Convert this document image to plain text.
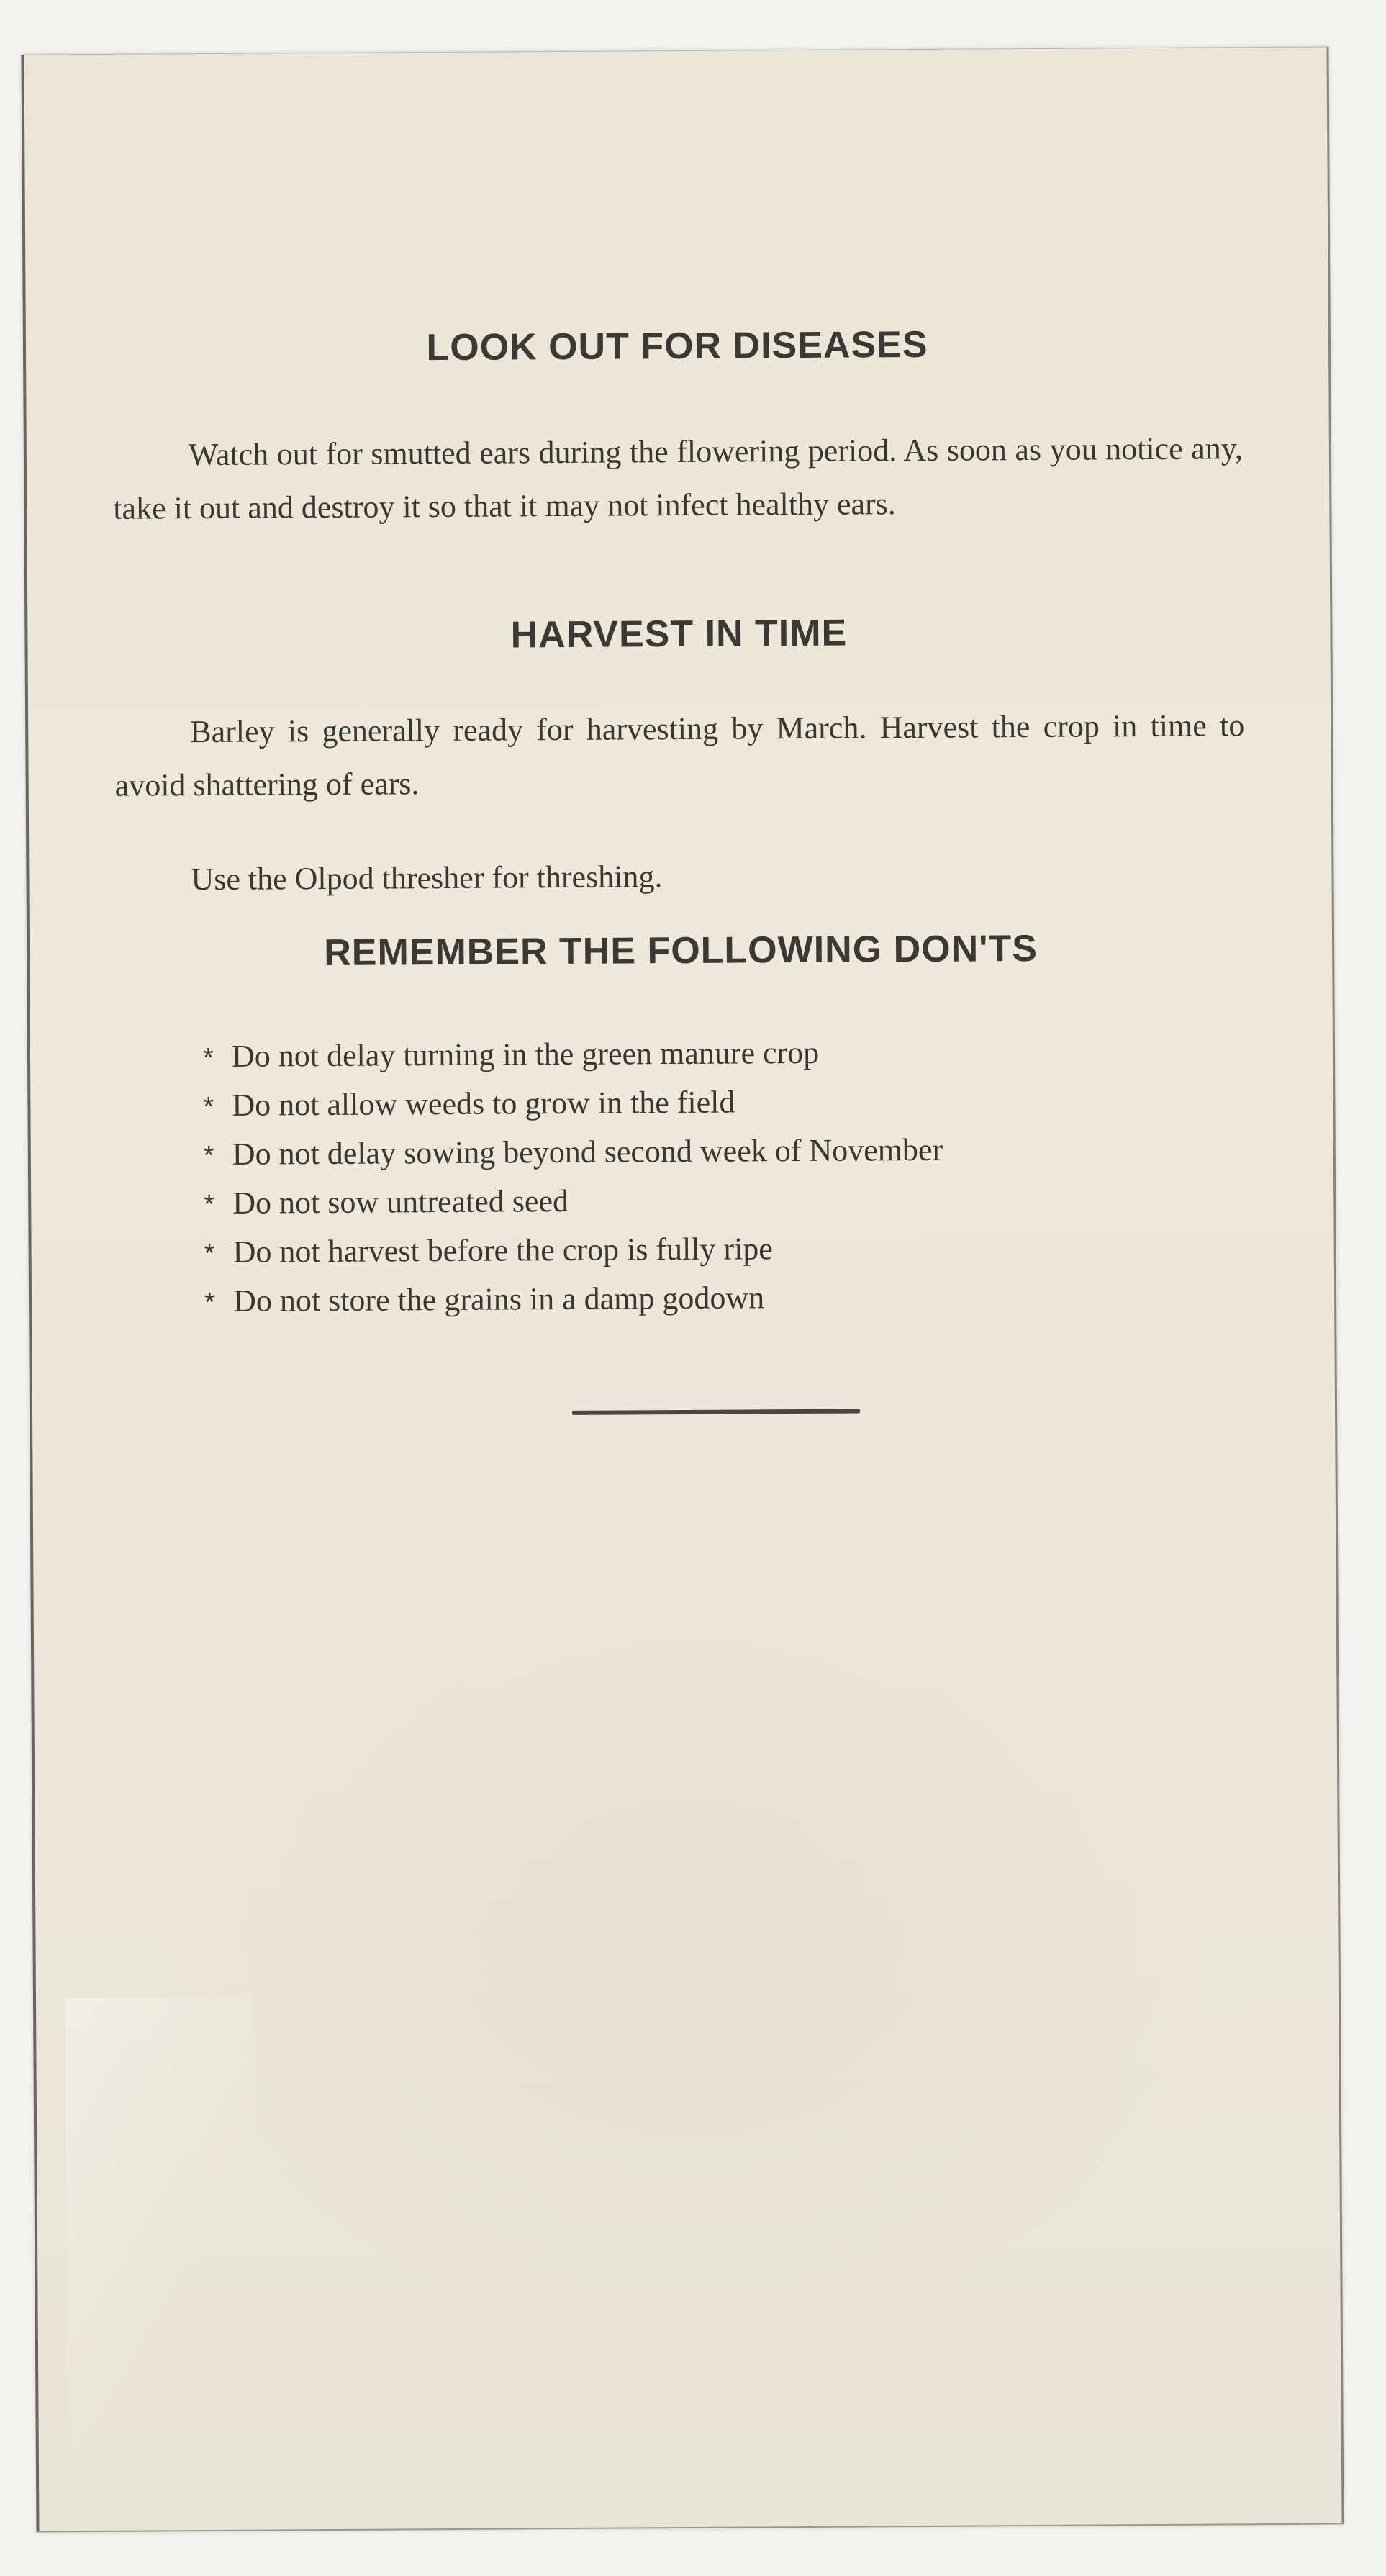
LOOK OUT FOR DISEASES

Watch out for smutted ears during the flowering period. As soon as you notice any, take it out and destroy it so that it may not infect healthy ears.

HARVEST IN TIME

Barley is generally ready for harvesting by March. Harvest the crop in time to avoid shattering of ears.

Use the Olpod thresher for threshing.

REMEMBER THE FOLLOWING DON'TS
* Do not delay turning in the green manure crop
* Do not allow weeds to grow in the field
* Do not delay sowing beyond second week of November
* Do not sow untreated seed
* Do not harvest before the crop is fully ripe
* Do not store the grains in a damp godown
